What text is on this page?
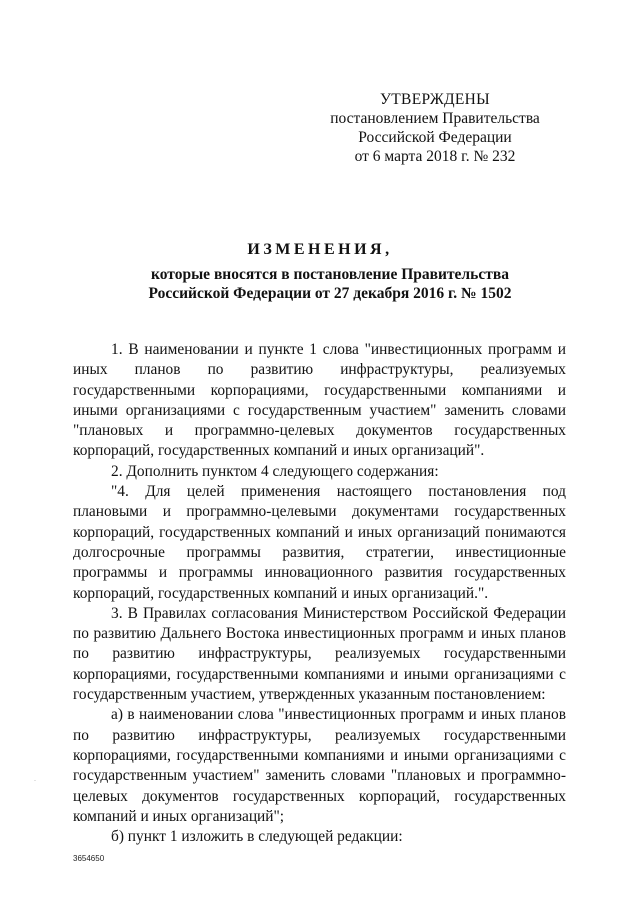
УТВЕРЖДЕНЫ
постановлением Правительства
Российской Федерации
от 6 марта 2018 г. № 232
ИЗМЕНЕНИЯ,
которые вносятся в постановление Правительства
Российской Федерации от 27 декабря 2016 г. № 1502

1. В наименовании и пункте 1 слова "инвестиционных программ и иных планов по развитию инфраструктуры, реализуемых государственными корпорациями, государственными компаниями и иными организациями с государственным участием" заменить словами "плановых и программно-целевых документов государственных корпораций, государственных компаний и иных организаций".

2. Дополнить пунктом 4 следующего содержания:

"4. Для целей применения настоящего постановления под плановыми и программно-целевыми документами государственных корпораций, государственных компаний и иных организаций понимаются долгосрочные программы развития, стратегии, инвестиционные программы и программы инновационного развития государственных корпораций, государственных компаний и иных организаций.".

3. В Правилах согласования Министерством Российской Федерации по развитию Дальнего Востока инвестиционных программ и иных планов по развитию инфраструктуры, реализуемых государственными корпорациями, государственными компаниями и иными организациями с государственным участием, утвержденных указанным постановлением:

а) в наименовании слова "инвестиционных программ и иных планов по развитию инфраструктуры, реализуемых государственными корпорациями, государственными компаниями и иными организациями с государственным участием" заменить словами "плановых и программно-целевых документов государственных корпораций, государственных компаний и иных организаций";

б) пункт 1 изложить в следующей редакции:

·
3654650
